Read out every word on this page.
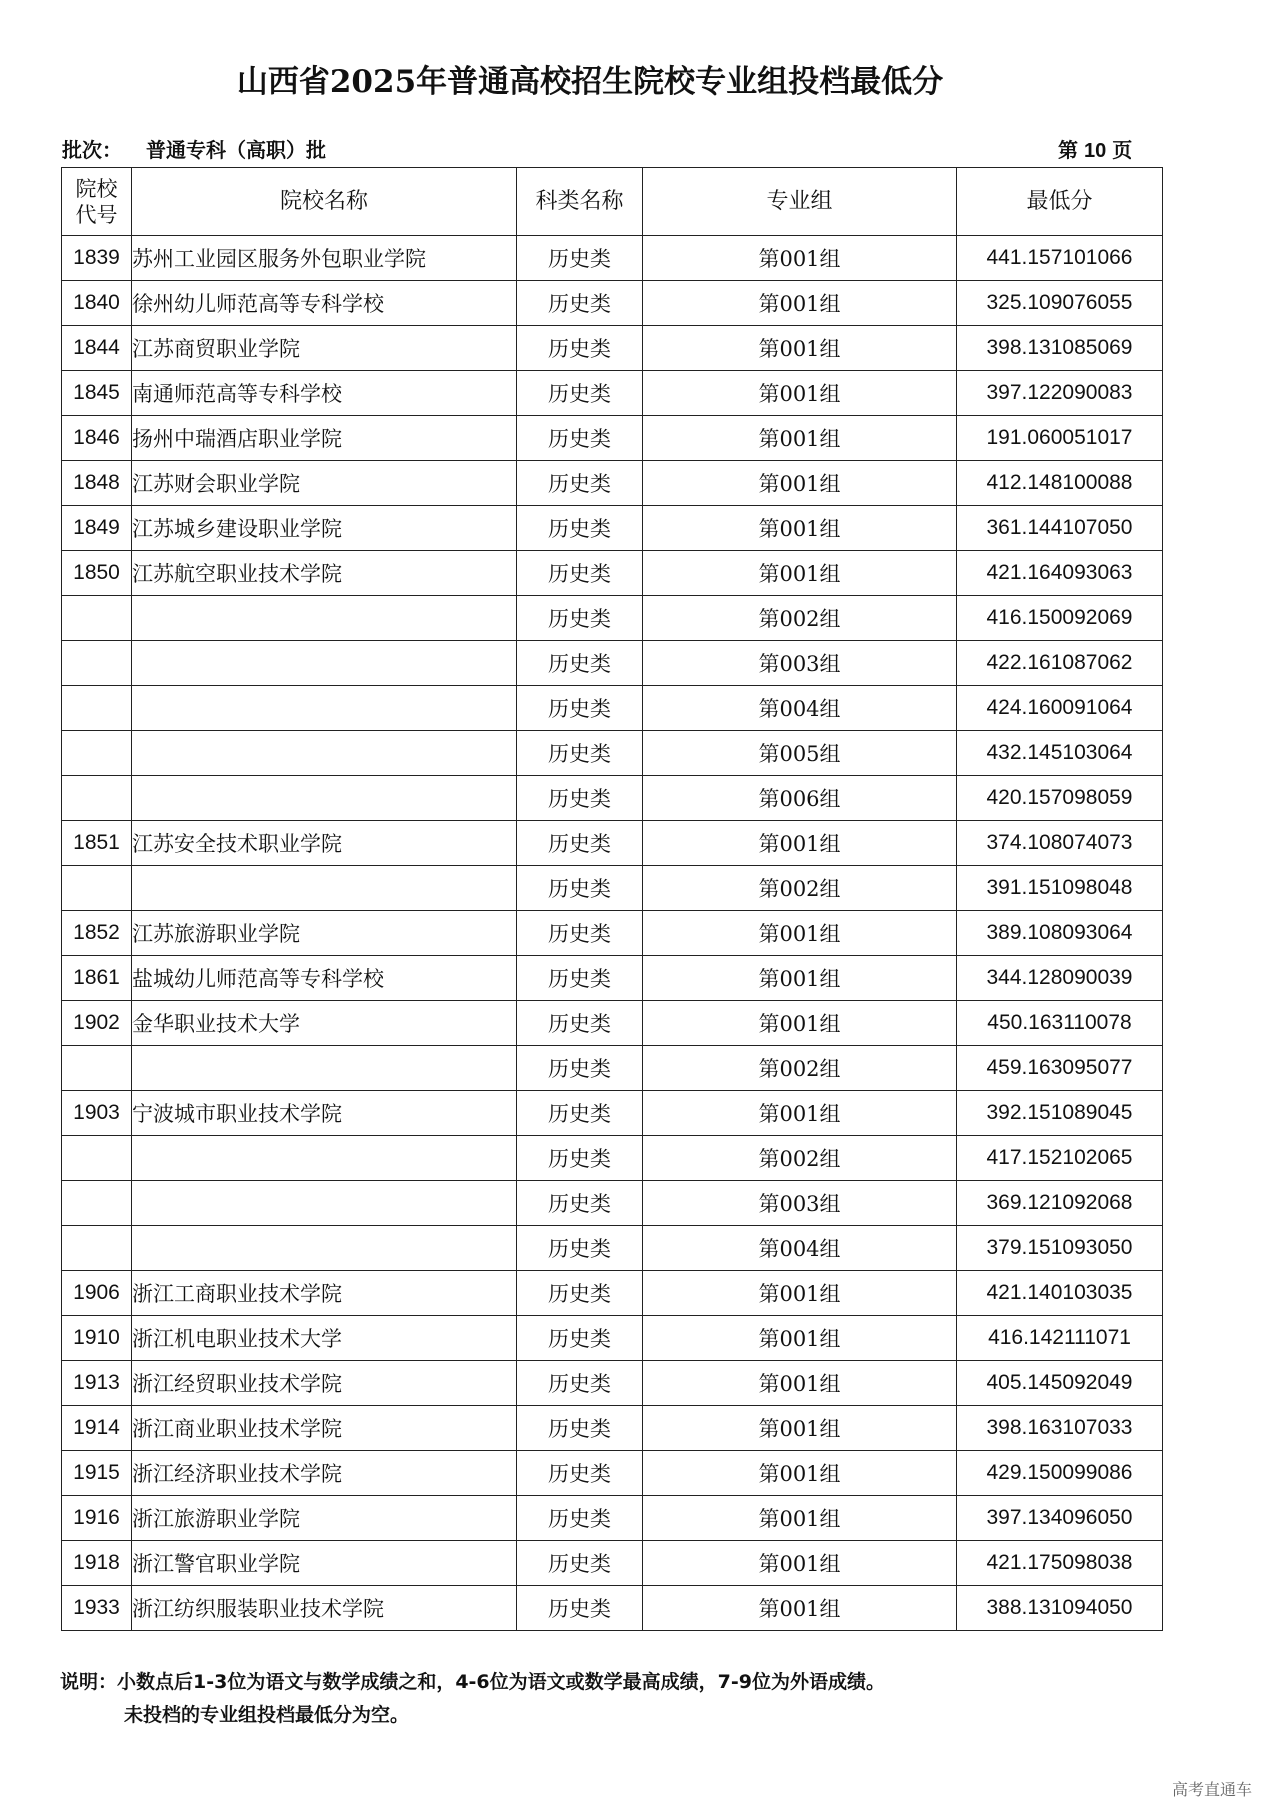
山西省2025年普通高校招生院校专业组投档最低分
批次： 普通专科（高职）批	第 10 页
院校
代号	院校名称	科类名称	专业组	最低分
1839	苏州工业园区服务外包职业学院	历史类	第001组	441.157101066
1840	徐州幼儿师范高等专科学校	历史类	第001组	325.109076055
1844	江苏商贸职业学院	历史类	第001组	398.131085069
1845	南通师范高等专科学校	历史类	第001组	397.122090083
1846	扬州中瑞酒店职业学院	历史类	第001组	191.060051017
1848	江苏财会职业学院	历史类	第001组	412.148100088
1849	江苏城乡建设职业学院	历史类	第001组	361.144107050
1850	江苏航空职业技术学院	历史类	第001组	421.164093063
		历史类	第002组	416.150092069
		历史类	第003组	422.161087062
		历史类	第004组	424.160091064
		历史类	第005组	432.145103064
		历史类	第006组	420.157098059
1851	江苏安全技术职业学院	历史类	第001组	374.108074073
		历史类	第002组	391.151098048
1852	江苏旅游职业学院	历史类	第001组	389.108093064
1861	盐城幼儿师范高等专科学校	历史类	第001组	344.128090039
1902	金华职业技术大学	历史类	第001组	450.163110078
		历史类	第002组	459.163095077
1903	宁波城市职业技术学院	历史类	第001组	392.151089045
		历史类	第002组	417.152102065
		历史类	第003组	369.121092068
		历史类	第004组	379.151093050
1906	浙江工商职业技术学院	历史类	第001组	421.140103035
1910	浙江机电职业技术大学	历史类	第001组	416.142111071
1913	浙江经贸职业技术学院	历史类	第001组	405.145092049
1914	浙江商业职业技术学院	历史类	第001组	398.163107033
1915	浙江经济职业技术学院	历史类	第001组	429.150099086
1916	浙江旅游职业学院	历史类	第001组	397.134096050
1918	浙江警官职业学院	历史类	第001组	421.175098038
1933	浙江纺织服装职业技术学院	历史类	第001组	388.131094050
说明：小数点后1-3位为语文与数学成绩之和，4-6位为语文或数学最高成绩，7-9位为外语成绩。
未投档的专业组投档最低分为空。
高考直通车
